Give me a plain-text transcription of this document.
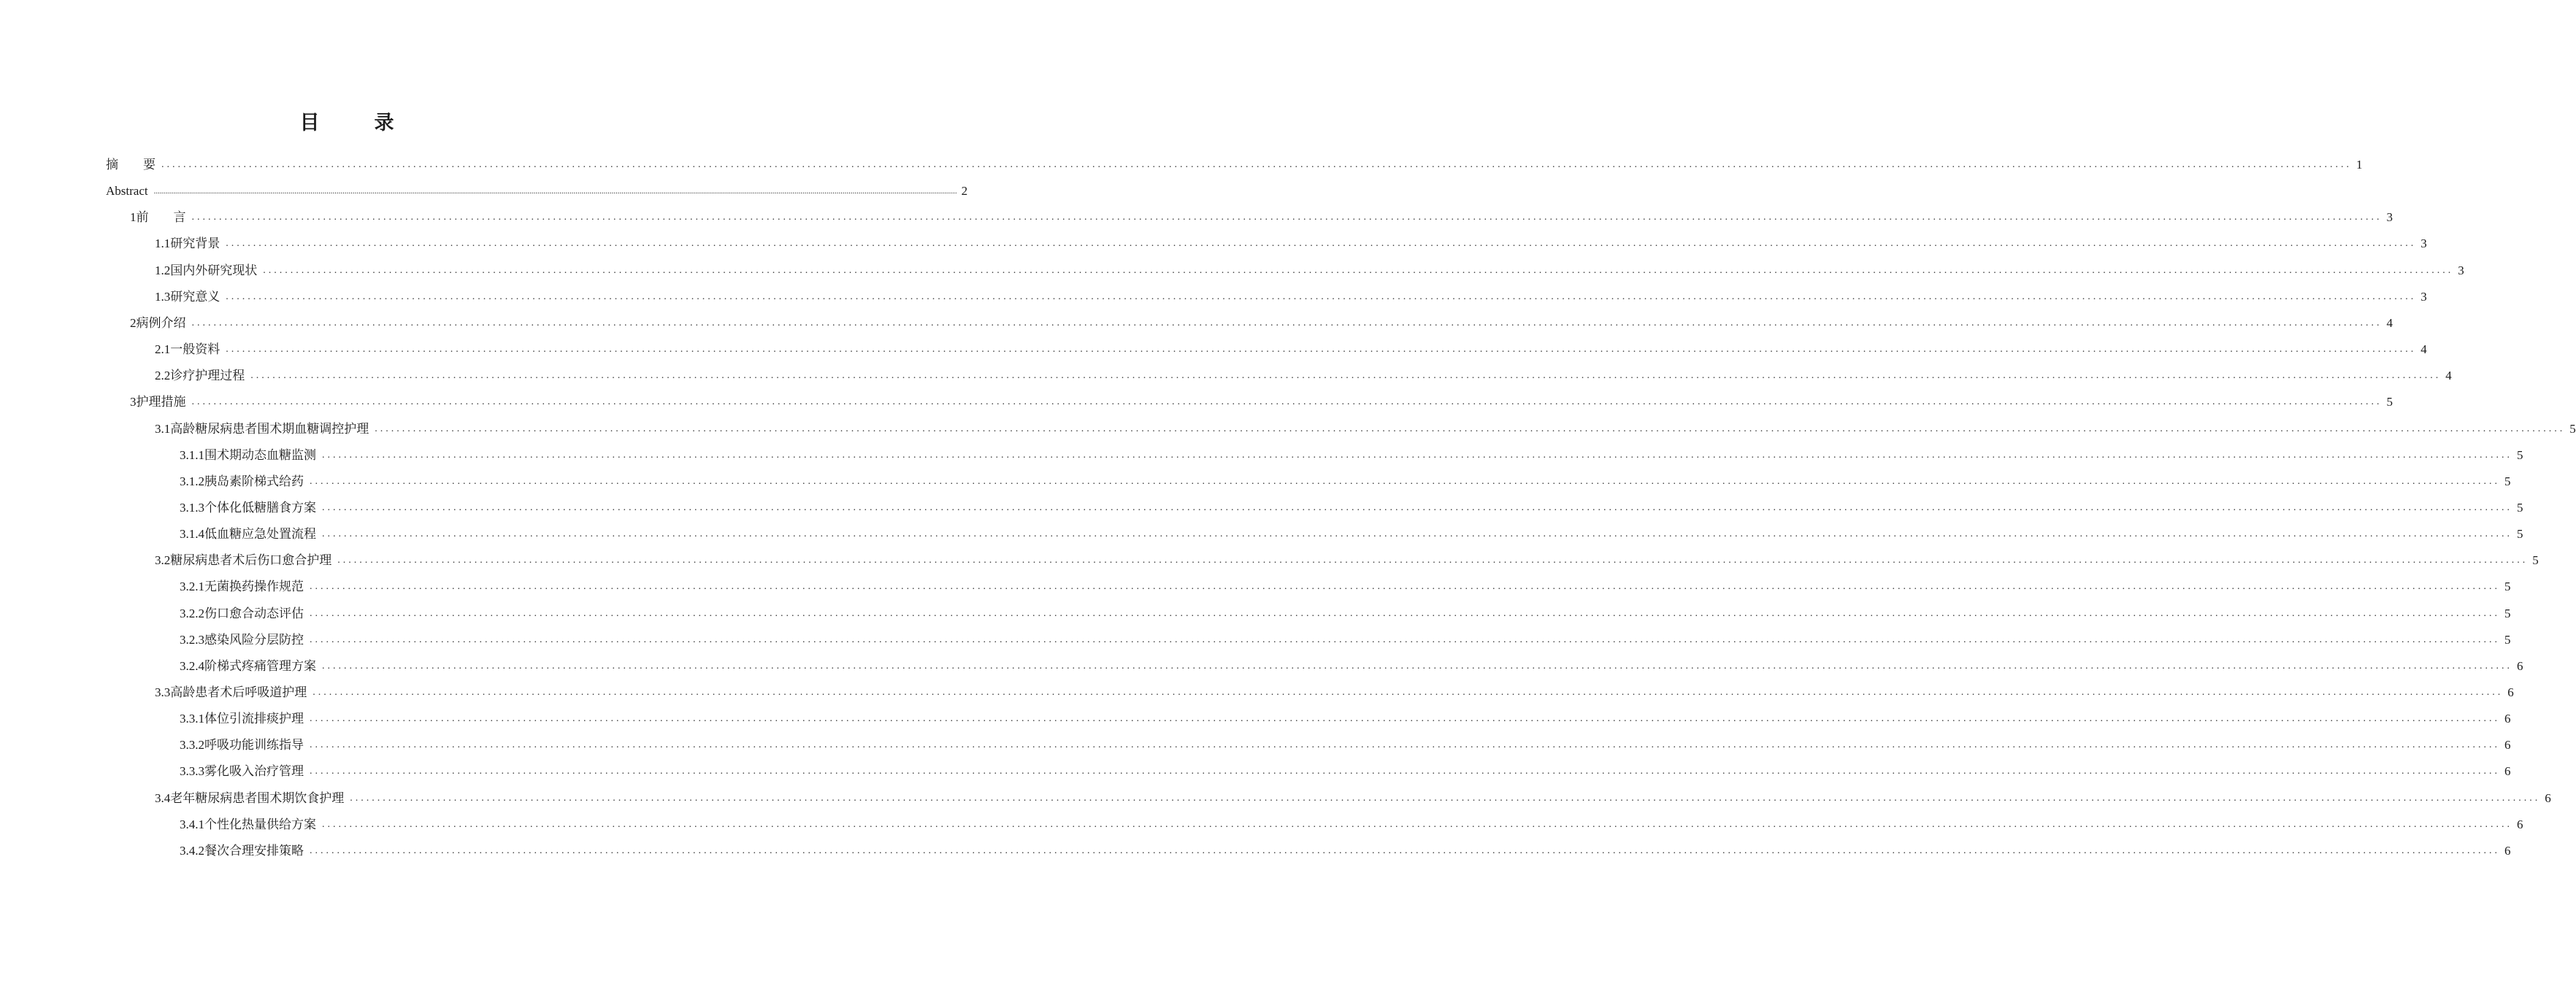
目　录
摘　　要 ................................................................................................................................................................................................................................................................................................................................................................................................................ 1
Abstract ................................................................................................................................................................................................................................................................................................................................................................................................................ 2
1 前　　言 ................................................................................................................................................................................................................................................................................................................................................................................................................ 3
1.1 研究背景 ................................................................................................................................................................................................................................................................................................................................................................................................................ 3
1.2 国内外研究现状 ................................................................................................................................................................................................................................................................................................................................................................................................................ 3
1.3 研究意义 ................................................................................................................................................................................................................................................................................................................................................................................................................ 3
2 病例介绍 ................................................................................................................................................................................................................................................................................................................................................................................................................ 4
2.1 一般资料 ................................................................................................................................................................................................................................................................................................................................................................................................................ 4
2.2 诊疗护理过程 ................................................................................................................................................................................................................................................................................................................................................................................................................ 4
3 护理措施 ................................................................................................................................................................................................................................................................................................................................................................................................................ 5
3.1 高龄糖尿病患者围术期血糖调控护理 ................................................................................................................................................................................................................................................................................................................................................................................................................ 5
3.1.1 围术期动态血糖监测 ................................................................................................................................................................................................................................................................................................................................................................................................................ 5
3.1.2 胰岛素阶梯式给药 ................................................................................................................................................................................................................................................................................................................................................................................................................ 5
3.1.3 个体化低糖膳食方案 ................................................................................................................................................................................................................................................................................................................................................................................................................ 5
3.1.4 低血糖应急处置流程 ................................................................................................................................................................................................................................................................................................................................................................................................................ 5
3.2 糖尿病患者术后伤口愈合护理 ................................................................................................................................................................................................................................................................................................................................................................................................................ 5
3.2.1 无菌换药操作规范 ................................................................................................................................................................................................................................................................................................................................................................................................................ 5
3.2.2 伤口愈合动态评估 ................................................................................................................................................................................................................................................................................................................................................................................................................ 5
3.2.3 感染风险分层防控 ................................................................................................................................................................................................................................................................................................................................................................................................................ 5
3.2.4 阶梯式疼痛管理方案 ................................................................................................................................................................................................................................................................................................................................................................................................................ 6
3.3 高龄患者术后呼吸道护理 ................................................................................................................................................................................................................................................................................................................................................................................................................ 6
3.3.1 体位引流排痰护理 ................................................................................................................................................................................................................................................................................................................................................................................................................ 6
3.3.2 呼吸功能训练指导 ................................................................................................................................................................................................................................................................................................................................................................................................................ 6
3.3.3 雾化吸入治疗管理 ................................................................................................................................................................................................................................................................................................................................................................................................................ 6
3.4 老年糖尿病患者围术期饮食护理 ................................................................................................................................................................................................................................................................................................................................................................................................................ 6
3.4.1 个性化热量供给方案 ................................................................................................................................................................................................................................................................................................................................................................................................................ 6
3.4.2 餐次合理安排策略 ................................................................................................................................................................................................................................................................................................................................................................................................................ 6
